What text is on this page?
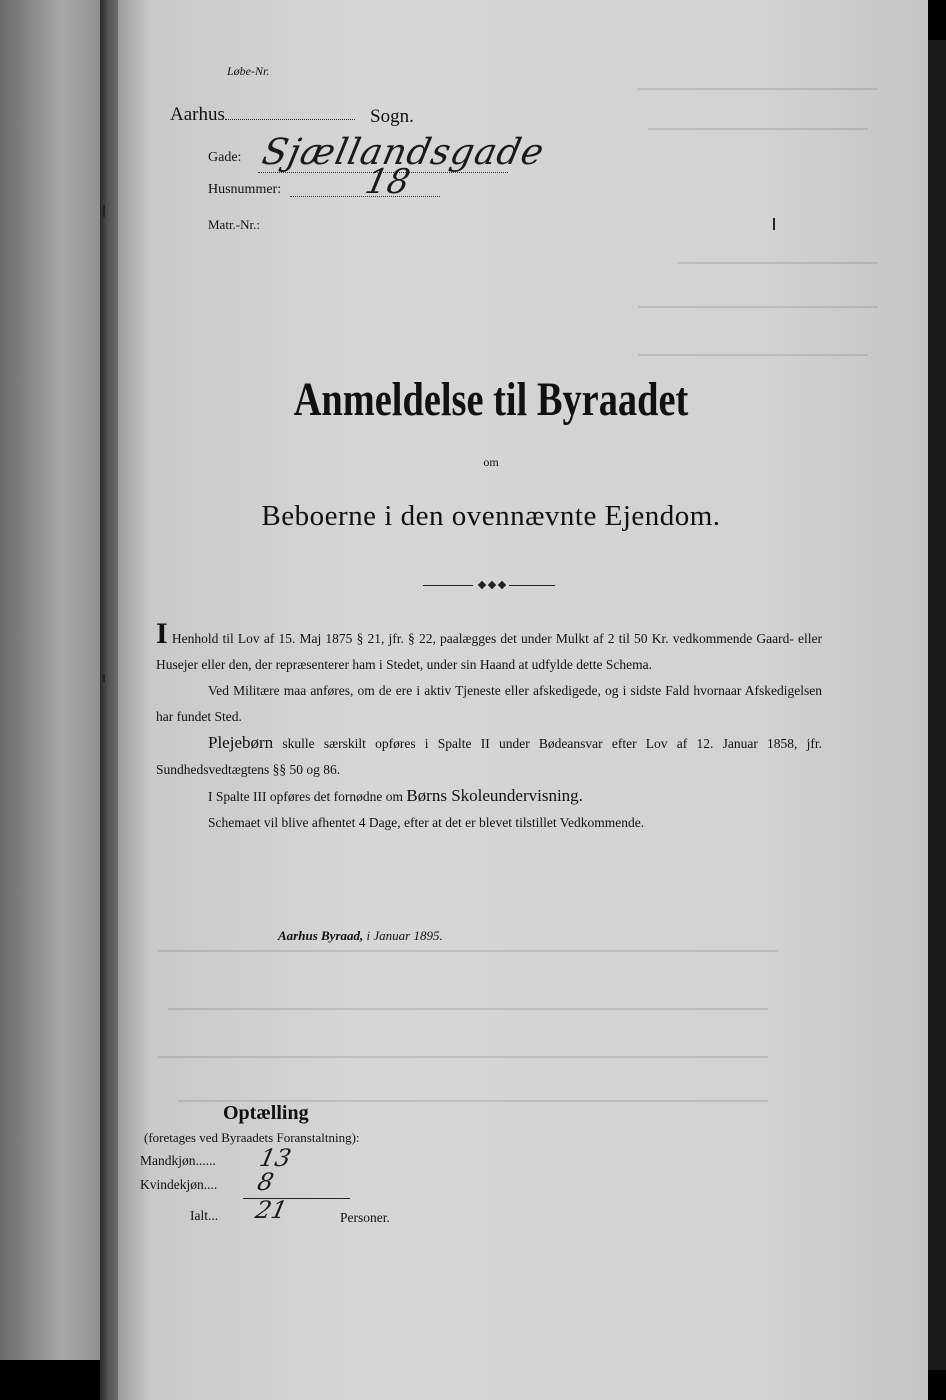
Løbe-Nr.
Aarhus	Sogn.
Gade: Sjællandsgade
Husnummer: 18
Matr.-Nr.:
Anmeldelse til Byraadet
om
Beboerne i den ovennævnte Ejendom.

I Henhold til Lov af 15. Maj 1875 § 21, jfr. § 22, paalægges det under Mulkt af 2 til 50 Kr. vedkommende Gaard- eller Husejer eller den, der repræsenterer ham i Stedet, under sin Haand at udfylde dette Schema.

Ved Militære maa anføres, om de ere i aktiv Tjeneste eller afskedigede, og i sidste Fald hvornaar Afskedigelsen har fundet Sted.

Plejebørn skulle særskilt opføres i Spalte II under Bødeansvar efter Lov af 12. Januar 1858, jfr. Sundhedsvedtægtens §§ 50 og 86.

I Spalte III opføres det fornødne om Børns Skoleundervisning.

Schemaet vil blive afhentet 4 Dage, efter at det er blevet tilstillet Vedkommende.

Aarhus Byraad, i Januar 1895.
Optælling
(foretages ved Byraadets Foranstaltning):
Mandkjøn...... 13
Kvindekjøn.... 8
Ialt... 21	Personer.
